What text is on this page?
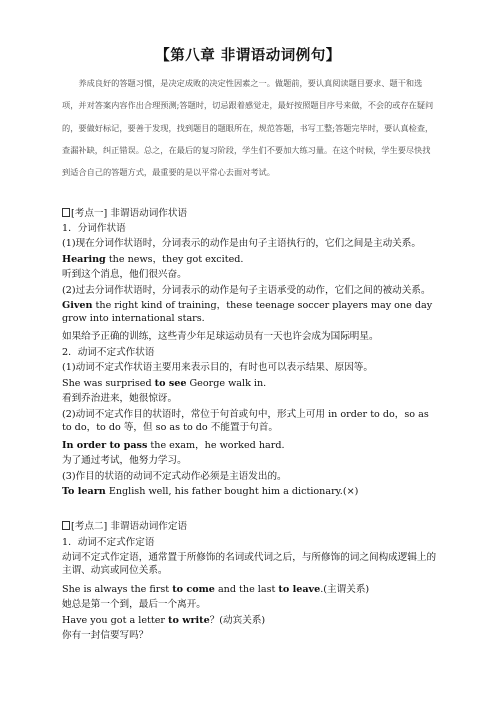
【第八章 非谓语动词例句】

养成良好的答题习惯，是决定成败的决定性因素之一。做题前，要认真阅读题目要求、题干和选项，并对答案内容作出合理预测;答题时，切忌跟着感觉走，最好按照题目序号来做，不会的或存在疑问的，要做好标记，要善于发现，找到题目的题眼所在，规范答题，书写工整;答题完毕时，要认真检查，查漏补缺，纠正错误。总之，在最后的复习阶段，学生们不要加大练习量。在这个时候，学生要尽快找到适合自己的答题方式，最重要的是以平常心去面对考试。

[考点一] 非谓语动词作状语
1．分词作状语
(1)现在分词作状语时，分词表示的动作是由句子主语执行的，它们之间是主动关系。
Hearing the news，they got excited.
听到这个消息，他们很兴奋。
(2)过去分词作状语时，分词表示的动作是句子主语承受的动作，它们之间的被动关系。
Given the right kind of training，these teenage soccer players may one day grow into international stars.
如果给予正确的训练，这些青少年足球运动员有一天也许会成为国际明星。
2．动词不定式作状语
(1)动词不定式作状语主要用来表示目的，有时也可以表示结果、原因等。
She was surprised to see George walk in.
看到乔治进来，她很惊讶。
(2)动词不定式作目的状语时，常位于句首或句中，形式上可用 in order to do，so as to do，to do 等，但 so as to do 不能置于句首。
In order to pass the exam，he worked hard.
为了通过考试，他努力学习。
(3)作目的状语的动词不定式动作必须是主语发出的。
To learn English well, his father bought him a dictionary.(×)
[考点二] 非谓语动词作定语
1．动词不定式作定语
动词不定式作定语，通常置于所修饰的名词或代词之后，与所修饰的词之间构成逻辑上的主谓、动宾或同位关系。
She is always the first to come and the last to leave.(主谓关系)
她总是第一个到，最后一个离开。
Have you got a letter to write？(动宾关系)
你有一封信要写吗？
